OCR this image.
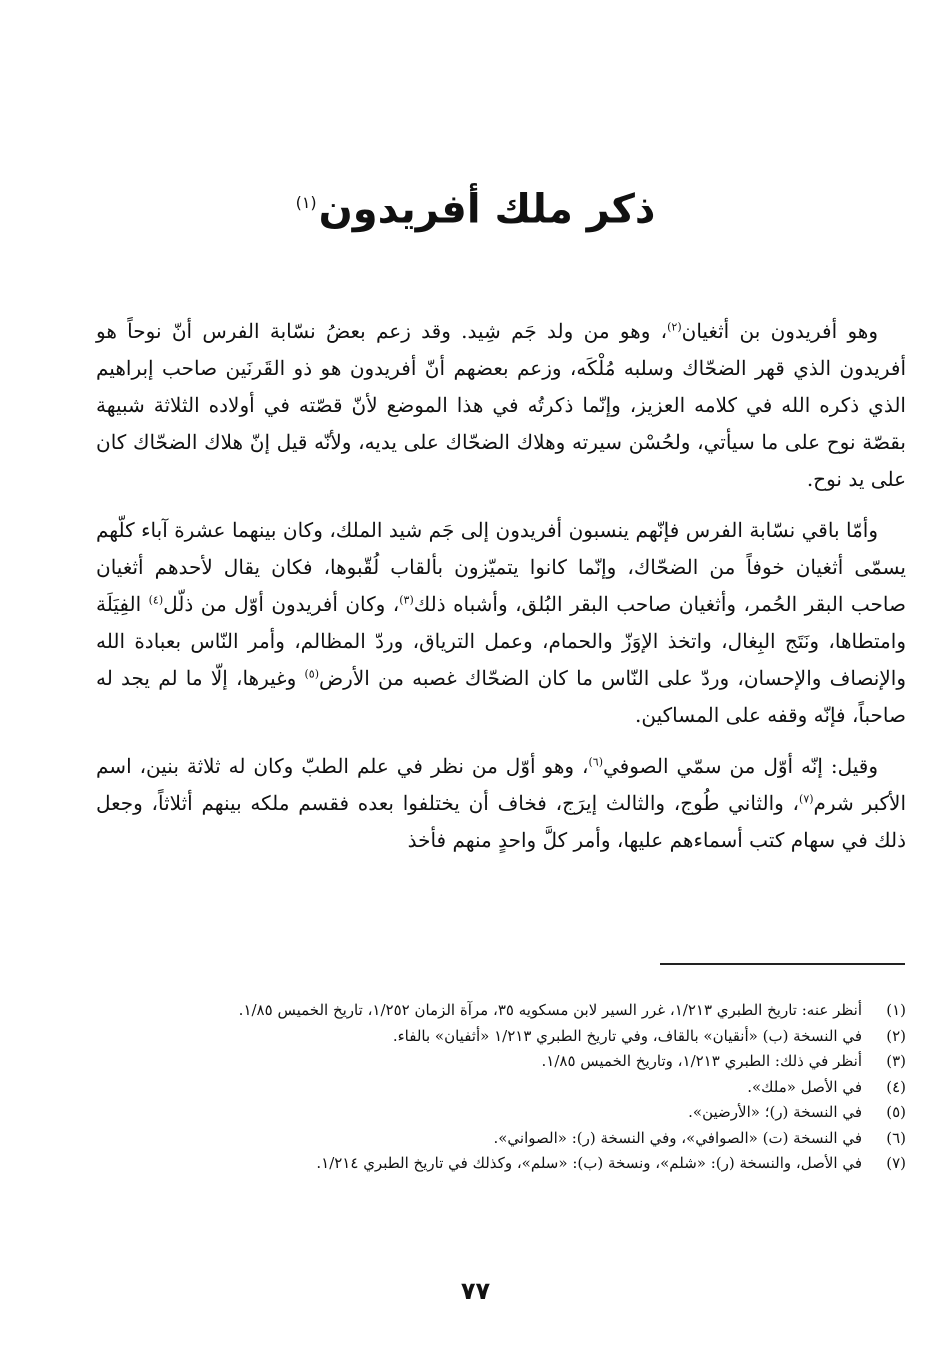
ذكر ملك أفريدون$^{(١)}$

وهو أفريدون بن أثغيان$^{(٢)}$، وهو من ولد جَم شِيد. وقد زعم بعضُ نسّابة الفرس أنّ نوحاً هو أفريدون الذي قهر الضحّاك وسلبه مُلْكَه، وزعم بعضهم أنّ أفريدون هو ذو القَرنَين صاحب إبراهيم الذي ذكره الله في كلامه العزيز، وإنّما ذكرتُه في هذا الموضع لأنّ قصّته في أولاده الثلاثة شبيهة بقصّة نوح على ما سيأتي، ولحُسْن سيرته وهلاك الضحّاك على يديه، ولأنّه قيل إنّ هلاك الضحّاك كان على يد نوح.

وأمّا باقي نسّابة الفرس فإنّهم ينسبون أفريدون إلى جَم شيد الملك، وكان بينهما عشرة آباء كلّهم يسمّى أثغيان خوفاً من الضحّاك، وإنّما كانوا يتميّزون بألقاب لُقّبوها، فكان يقال لأحدهم أثغيان صاحب البقر الحُمر، وأثغيان صاحب البقر البُلق، وأشباه ذلك$^{(٣)}$، وكان أفريدون أوّل من ذلّل$^{(٤)}$ الفِيَلَة وامتطاها، ونَتَج البِغال، واتخذ الإوَزّ والحمام، وعمل الترياق، وردّ المظالم، وأمر النّاس بعبادة الله والإنصاف والإحسان، وردّ على النّاس ما كان الضحّاك غصبه من الأرض$^{(٥)}$ وغيرها، إلّا ما لم يجد له صاحباً، فإنّه وقفه على المساكين.

وقيل: إنّه أوّل من سمّي الصوفي$^{(٦)}$، وهو أوّل من نظر في علم الطبّ وكان له ثلاثة بنين، اسم الأكبر شرم$^{(٧)}$، والثاني طُوج، والثالث إيرَج، فخاف أن يختلفوا بعده فقسم ملكه بينهم أثلاثاً، وجعل ذلك في سهام كتب أسماءهم عليها، وأمر كلَّ واحدٍ منهم فأخذ

(١)
أنظر عنه: تاريخ الطبري ١/٢١٣، غرر السير لابن مسكويه ٣٥، مرآة الزمان ١/٢٥٢، تاريخ الخميس ١/٨٥.
(٢)
في النسخة (ب) «أنقيان» بالقاف، وفي تاريخ الطبري ١/٢١٣ «أثفيان» بالفاء.
(٣)
أنظر في ذلك: الطبري ١/٢١٣، وتاريخ الخميس ١/٨٥.
(٤)
في الأصل «ملك».
(٥)
في النسخة (ر)؛ «الأرضين».
(٦)
في النسخة (ت) «الصوافي»، وفي النسخة (ر): «الصواني».
(٧)
في الأصل، والنسخة (ر): «شلم»، ونسخة (ب): «سلم»، وكذلك في تاريخ الطبري ١/٢١٤.
٧٧
